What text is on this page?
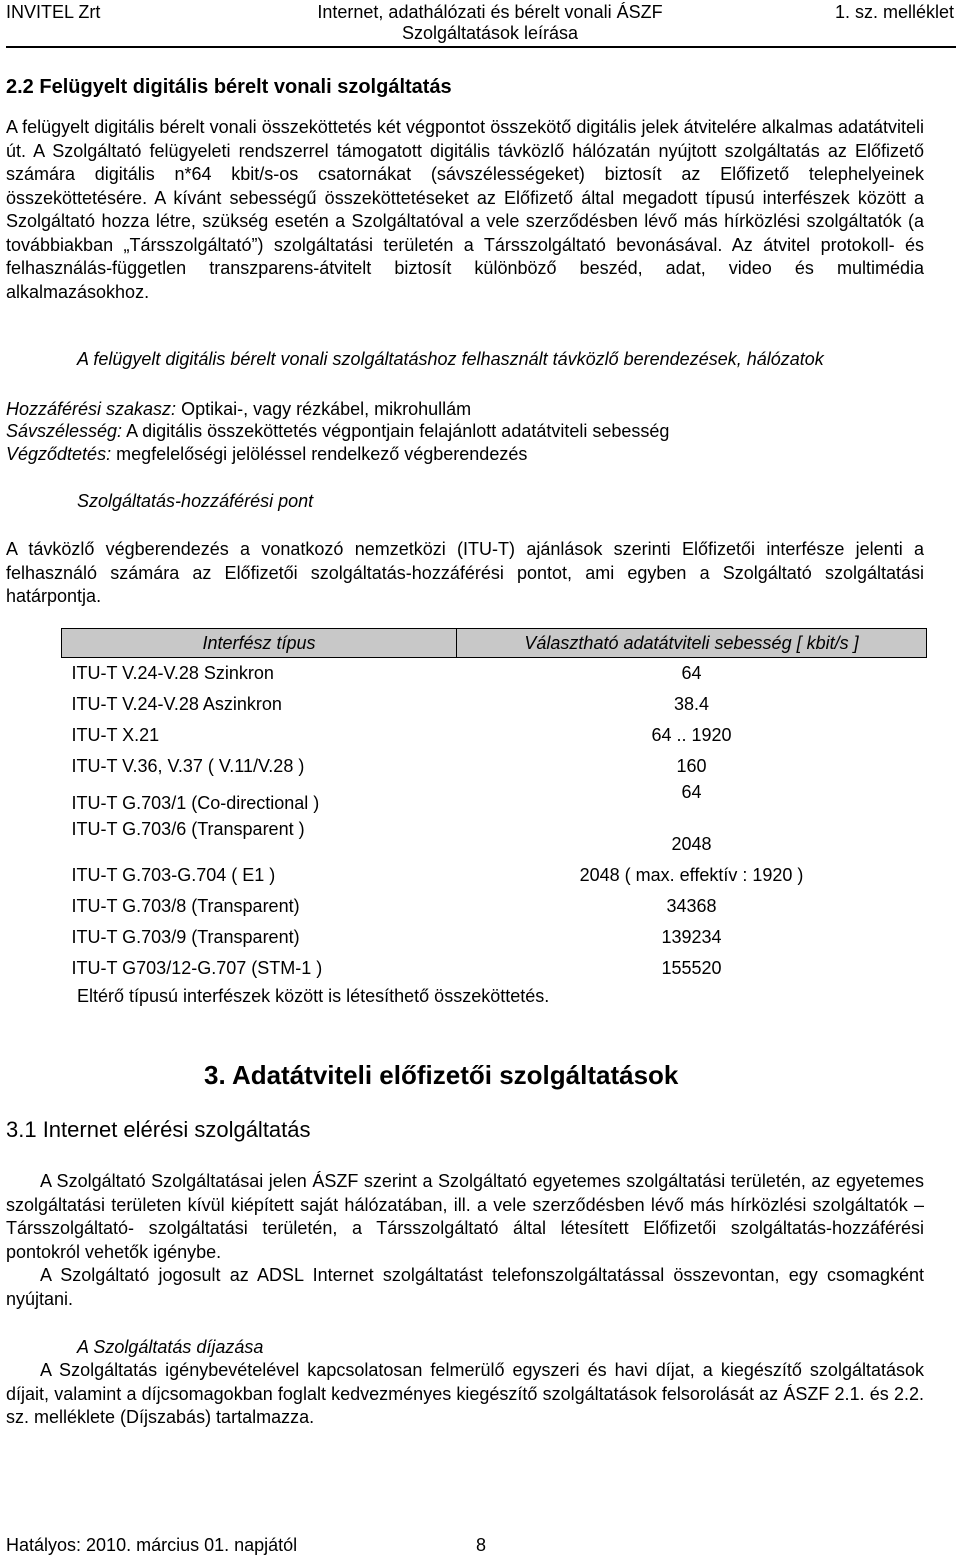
INVITEL Zrt	Internet, adathálózati és bérelt vonali ÁSZF
Szolgáltatások leírása
1. sz. melléklet
2.2 Felügyelt digitális bérelt vonali szolgáltatás
A felügyelt digitális bérelt vonali összeköttetés két végpontot összekötő digitális jelek átvitelére alkalmas adatátviteli út. A Szolgáltató felügyeleti rendszerrel támogatott digitális távközlő hálózatán nyújtott szolgáltatás az Előfizető számára digitális n*64 kbit/s-os csatornákat (sávszélességeket) biztosít az Előfizető telephelyeinek összeköttetésére. A kívánt sebességű összeköttetéseket az Előfizető által megadott típusú interfészek között a Szolgáltató hozza létre, szükség esetén a Szolgáltatóval a vele szerződésben lévő más hírközlési szolgáltatók (a továbbiakban „Társszolgáltató”) szolgáltatási területén a Társszolgáltató bevonásával. Az átvitel protokoll- és felhasználás-független transzparens-átvitelt biztosít különböző beszéd, adat, video és multimédia alkalmazásokhoz.
A felügyelt digitális bérelt vonali szolgáltatáshoz felhasznált távközlő berendezések, hálózatok
Hozzáférési szakasz: Optikai-, vagy rézkábel, mikrohullám
Sávszélesség: A digitális összeköttetés végpontjain felajánlott adatátviteli sebesség
Végződtetés: megfelelőségi jelöléssel rendelkező végberendezés
Szolgáltatás-hozzáférési pont
A távközlő végberendezés a vonatkozó nemzetközi (ITU-T) ajánlások szerinti Előfizetői interfésze jelenti a felhasználó számára az Előfizetői szolgáltatás-hozzáférési pontot, ami egyben a Szolgáltató szolgáltatási határpontja.
Interfész típus	Választható adatátviteli sebesség [ kbit/s ]
ITU-T V.24-V.28 Szinkron	64
ITU-T V.24-V.28 Aszinkron	38.4
ITU-T X.21	64 .. 1920
ITU-T V.36, V.37 ( V.11/V.28 )	160
ITU-T G.703/1 (Co-directional )	64
ITU-T G.703/6 (Transparent )	2048
ITU-T G.703-G.704 ( E1 )	2048 ( max. effektív : 1920 )
ITU-T G.703/8 (Transparent)	34368
ITU-T G.703/9 (Transparent)	139234
ITU-T G703/12-G.707 (STM-1 )	155520
Eltérő típusú interfészek között is létesíthető összeköttetés.
3. Adatátviteli előfizetői szolgáltatások
3.1 Internet elérési szolgáltatás
A Szolgáltató Szolgáltatásai jelen ÁSZF szerint a Szolgáltató egyetemes szolgáltatási területén, az egyetemes szolgáltatási területen kívül kiépített saját hálózatában, ill. a vele szerződésben lévő más hírközlési szolgáltatók –Társszolgáltató- szolgáltatási területén, a Társszolgáltató által létesített Előfizetői szolgáltatás-hozzáférési pontokról vehetők igénybe.
A Szolgáltató jogosult az ADSL Internet szolgáltatást telefonszolgáltatással összevontan, egy csomagként nyújtani.
A Szolgáltatás díjazása
A Szolgáltatás igénybevételével kapcsolatosan felmerülő egyszeri és havi díjat, a kiegészítő szolgáltatások díjait, valamint a díjcsomagokban foglalt kedvezményes kiegészítő szolgáltatások felsorolását az ÁSZF 2.1. és 2.2. sz. melléklete (Díjszabás) tartalmazza.
Hatályos: 2010. március 01. napjától	8
